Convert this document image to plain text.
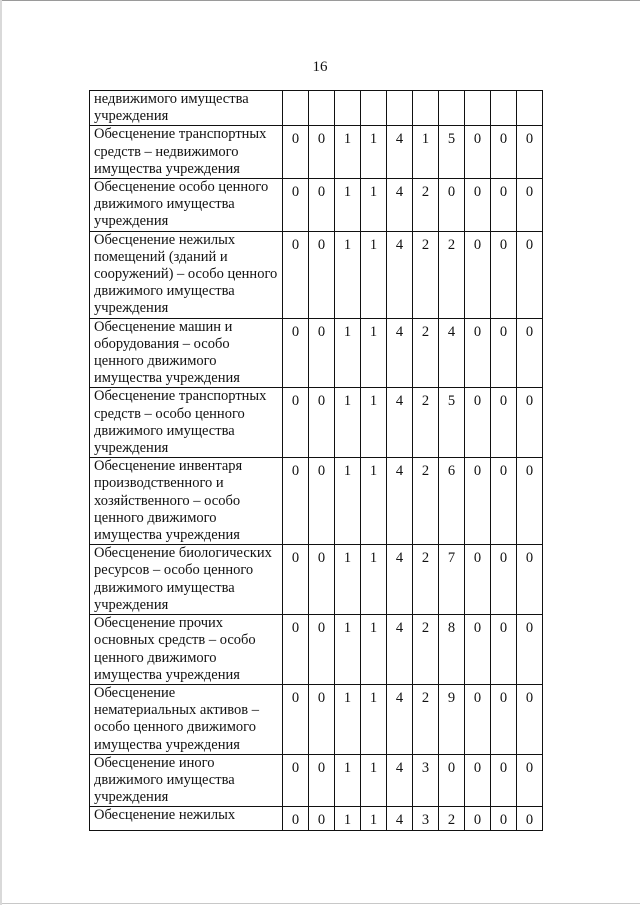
16
недвижимого имущества учреждения										
Обесценение транспортных средств – недвижимого имущества учреждения	0	0	1	1	4	1	5	0	0	0
Обесценение особо ценного движимого имущества учреждения	0	0	1	1	4	2	0	0	0	0
Обесценение нежилых помещений (зданий и сооружений) – особо ценного движимого имущества учреждения	0	0	1	1	4	2	2	0	0	0
Обесценение машин и оборудования – особо ценного движимого имущества учреждения	0	0	1	1	4	2	4	0	0	0
Обесценение транспортных средств – особо ценного движимого имущества учреждения	0	0	1	1	4	2	5	0	0	0
Обесценение инвентаря производственного и хозяйственного – особо ценного движимого имущества учреждения	0	0	1	1	4	2	6	0	0	0
Обесценение биологических ресурсов – особо ценного движимого имущества учреждения	0	0	1	1	4	2	7	0	0	0
Обесценение прочих основных средств – особо ценного движимого имущества учреждения	0	0	1	1	4	2	8	0	0	0
Обесценение нематериальных активов – особо ценного движимого имущества учреждения	0	0	1	1	4	2	9	0	0	0
Обесценение иного движимого имущества учреждения	0	0	1	1	4	3	0	0	0	0
Обесценение нежилых	0	0	1	1	4	3	2	0	0	0
